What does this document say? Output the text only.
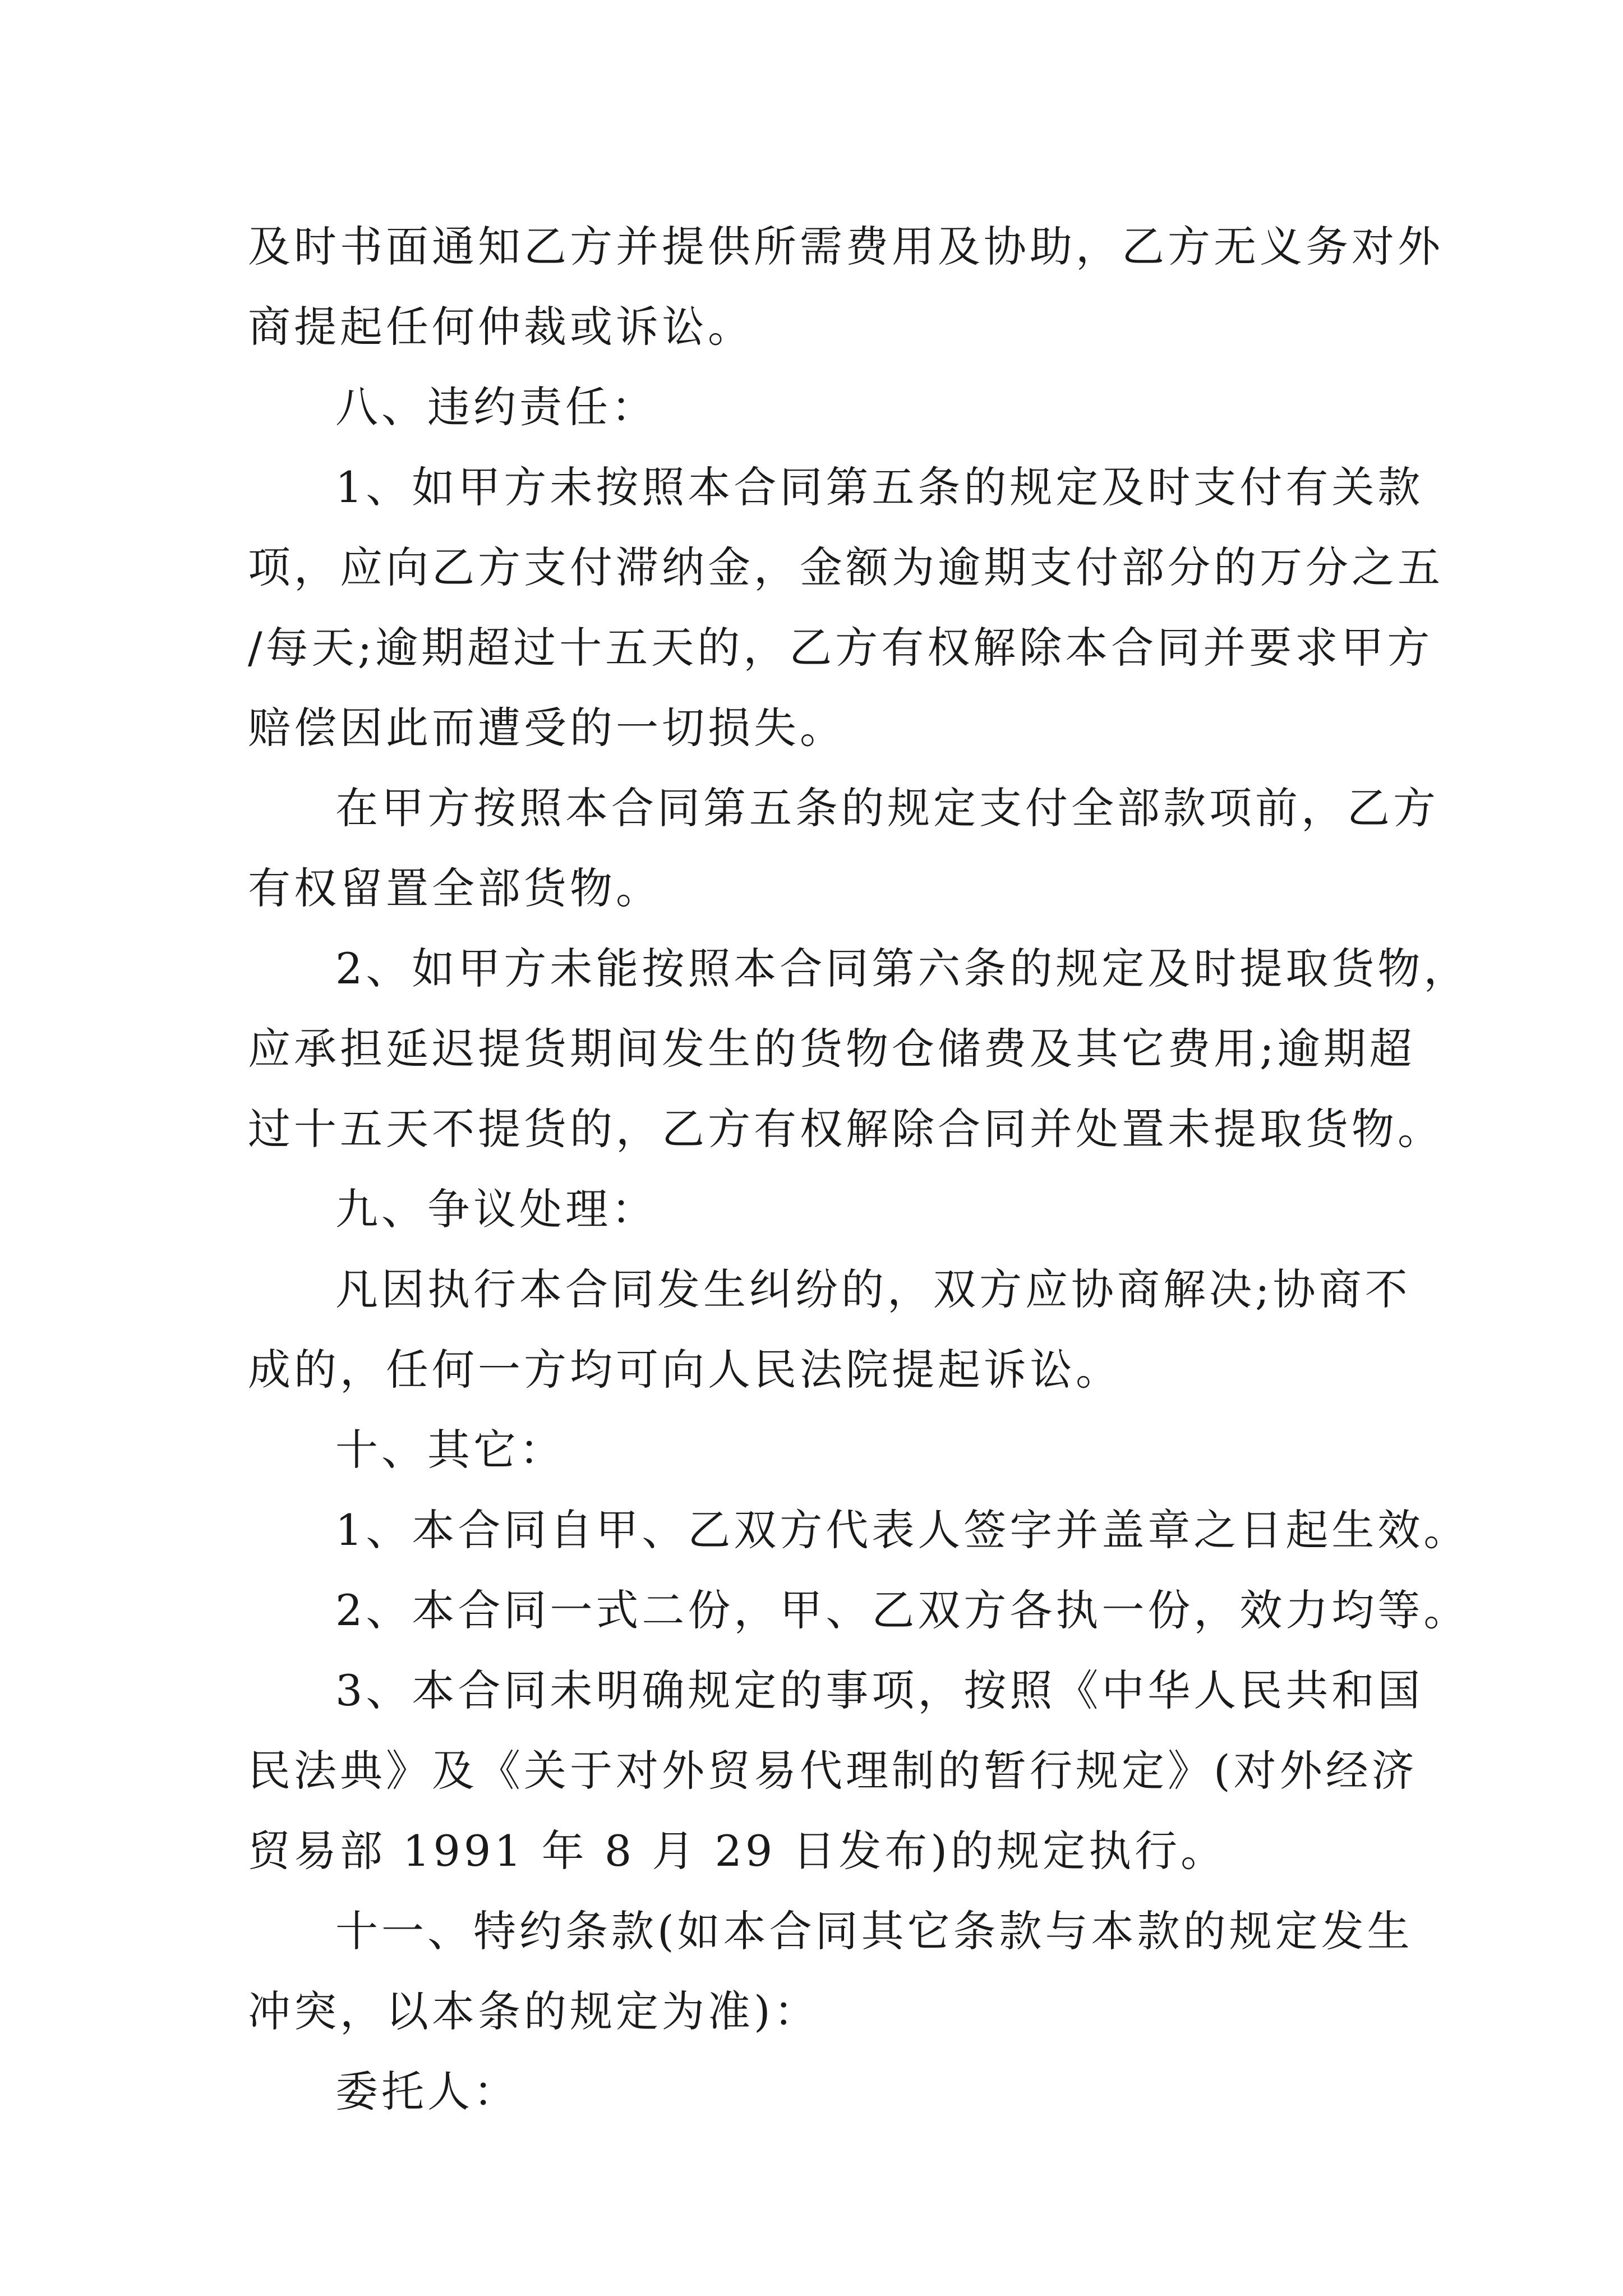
及时书面通知乙方并提供所需费用及协助，乙方无义务对外
商提起任何仲裁或诉讼。
八、违约责任：
1、如甲方未按照本合同第五条的规定及时支付有关款
项，应向乙方支付滞纳金，金额为逾期支付部分的万分之五
/每天;逾期超过十五天的，乙方有权解除本合同并要求甲方
赔偿因此而遭受的一切损失。
在甲方按照本合同第五条的规定支付全部款项前，乙方
有权留置全部货物。
2、如甲方未能按照本合同第六条的规定及时提取货物，
应承担延迟提货期间发生的货物仓储费及其它费用;逾期超
过十五天不提货的，乙方有权解除合同并处置未提取货物。
九、争议处理：
凡因执行本合同发生纠纷的，双方应协商解决;协商不
成的，任何一方均可向人民法院提起诉讼。
十、其它：
1、本合同自甲、乙双方代表人签字并盖章之日起生效。
2、本合同一式二份，甲、乙双方各执一份，效力均等。
3、本合同未明确规定的事项，按照《中华人民共和国
民法典》及《关于对外贸易代理制的暂行规定》(对外经济
贸易部 1991 年 8 月 29 日发布)的规定执行。
十一、特约条款(如本合同其它条款与本款的规定发生
冲突，以本条的规定为准)：
委托人：
